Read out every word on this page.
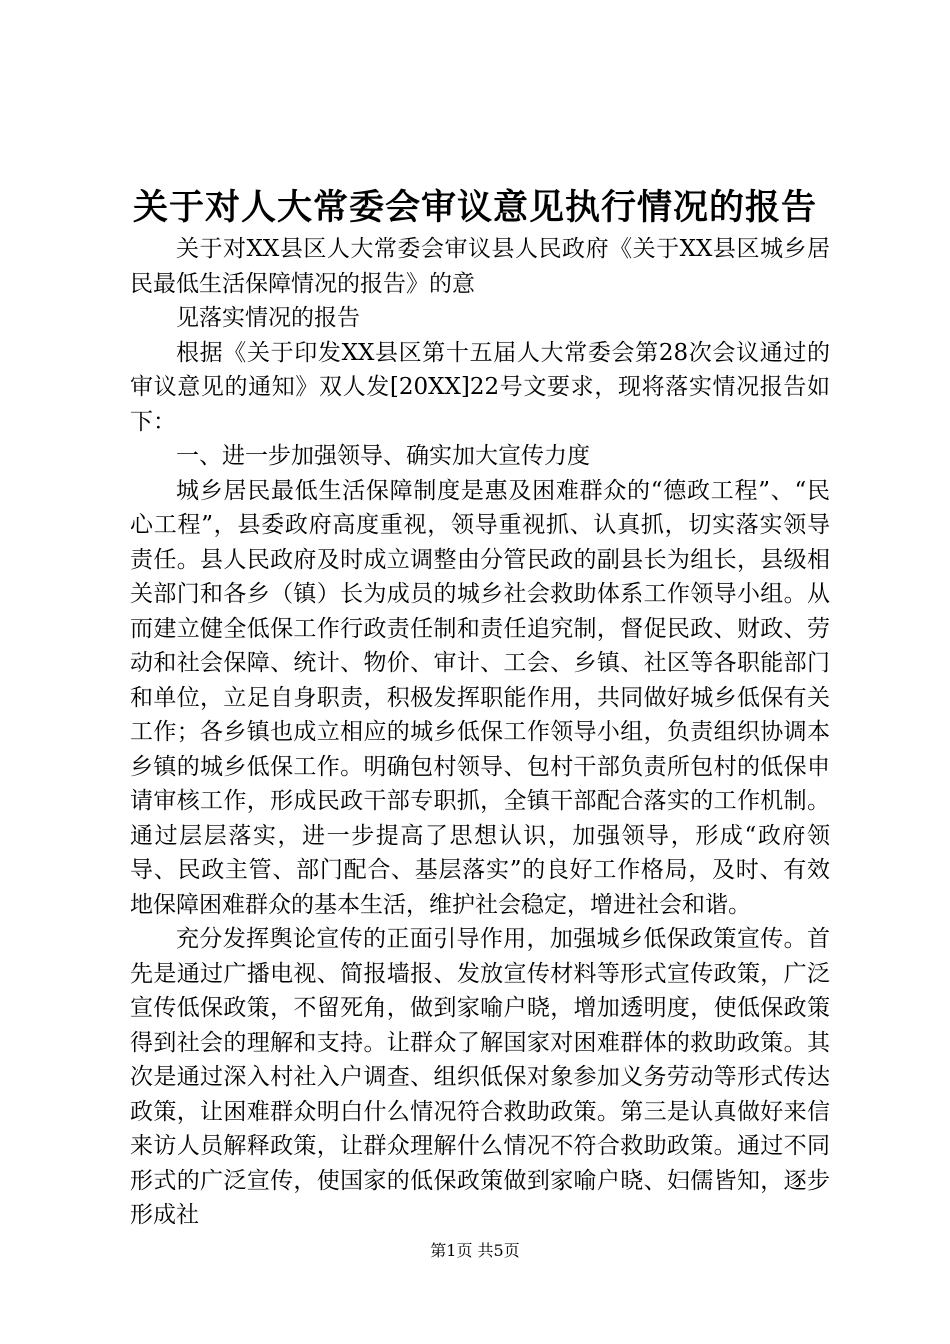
关于对人大常委会审议意见执行情况的报告

关于对XX县区人大常委会审议县人民政府《关于XX县区城乡居民最低生活保障情况的报告》的意

见落实情况的报告

根据《关于印发XX县区第十五届人大常委会第28次会议通过的审议意见的通知》双人发[20XX]22号文要求，现将落实情况报告如下：

一、进一步加强领导、确实加大宣传力度

城乡居民最低生活保障制度是惠及困难群众的“德政工程”、“民心工程”，县委政府高度重视，领导重视抓、认真抓，切实落实领导责任。县人民政府及时成立调整由分管民政的副县长为组长，县级相关部门和各乡（镇）长为成员的城乡社会救助体系工作领导小组。从而建立健全低保工作行政责任制和责任追究制，督促民政、财政、劳动和社会保障、统计、物价、审计、工会、乡镇、社区等各职能部门和单位，立足自身职责，积极发挥职能作用，共同做好城乡低保有关工作；各乡镇也成立相应的城乡低保工作领导小组，负责组织协调本乡镇的城乡低保工作。明确包村领导、包村干部负责所包村的低保申请审核工作，形成民政干部专职抓，全镇干部配合落实的工作机制。通过层层落实，进一步提高了思想认识，加强领导，形成“政府领导、民政主管、部门配合、基层落实”的良好工作格局，及时、有效地保障困难群众的基本生活，维护社会稳定，增进社会和谐。

充分发挥舆论宣传的正面引导作用，加强城乡低保政策宣传。首先是通过广播电视、简报墙报、发放宣传材料等形式宣传政策，广泛宣传低保政策，不留死角，做到家喻户晓，增加透明度，使低保政策得到社会的理解和支持。让群众了解国家对困难群体的救助政策。其次是通过深入村社入户调查、组织低保对象参加义务劳动等形式传达政策，让困难群众明白什么情况符合救助政策。第三是认真做好来信来访人员解释政策，让群众理解什么情况不符合救助政策。通过不同形式的广泛宣传，使国家的低保政策做到家喻户晓、妇儒皆知，逐步形成社

第1页 共5页
